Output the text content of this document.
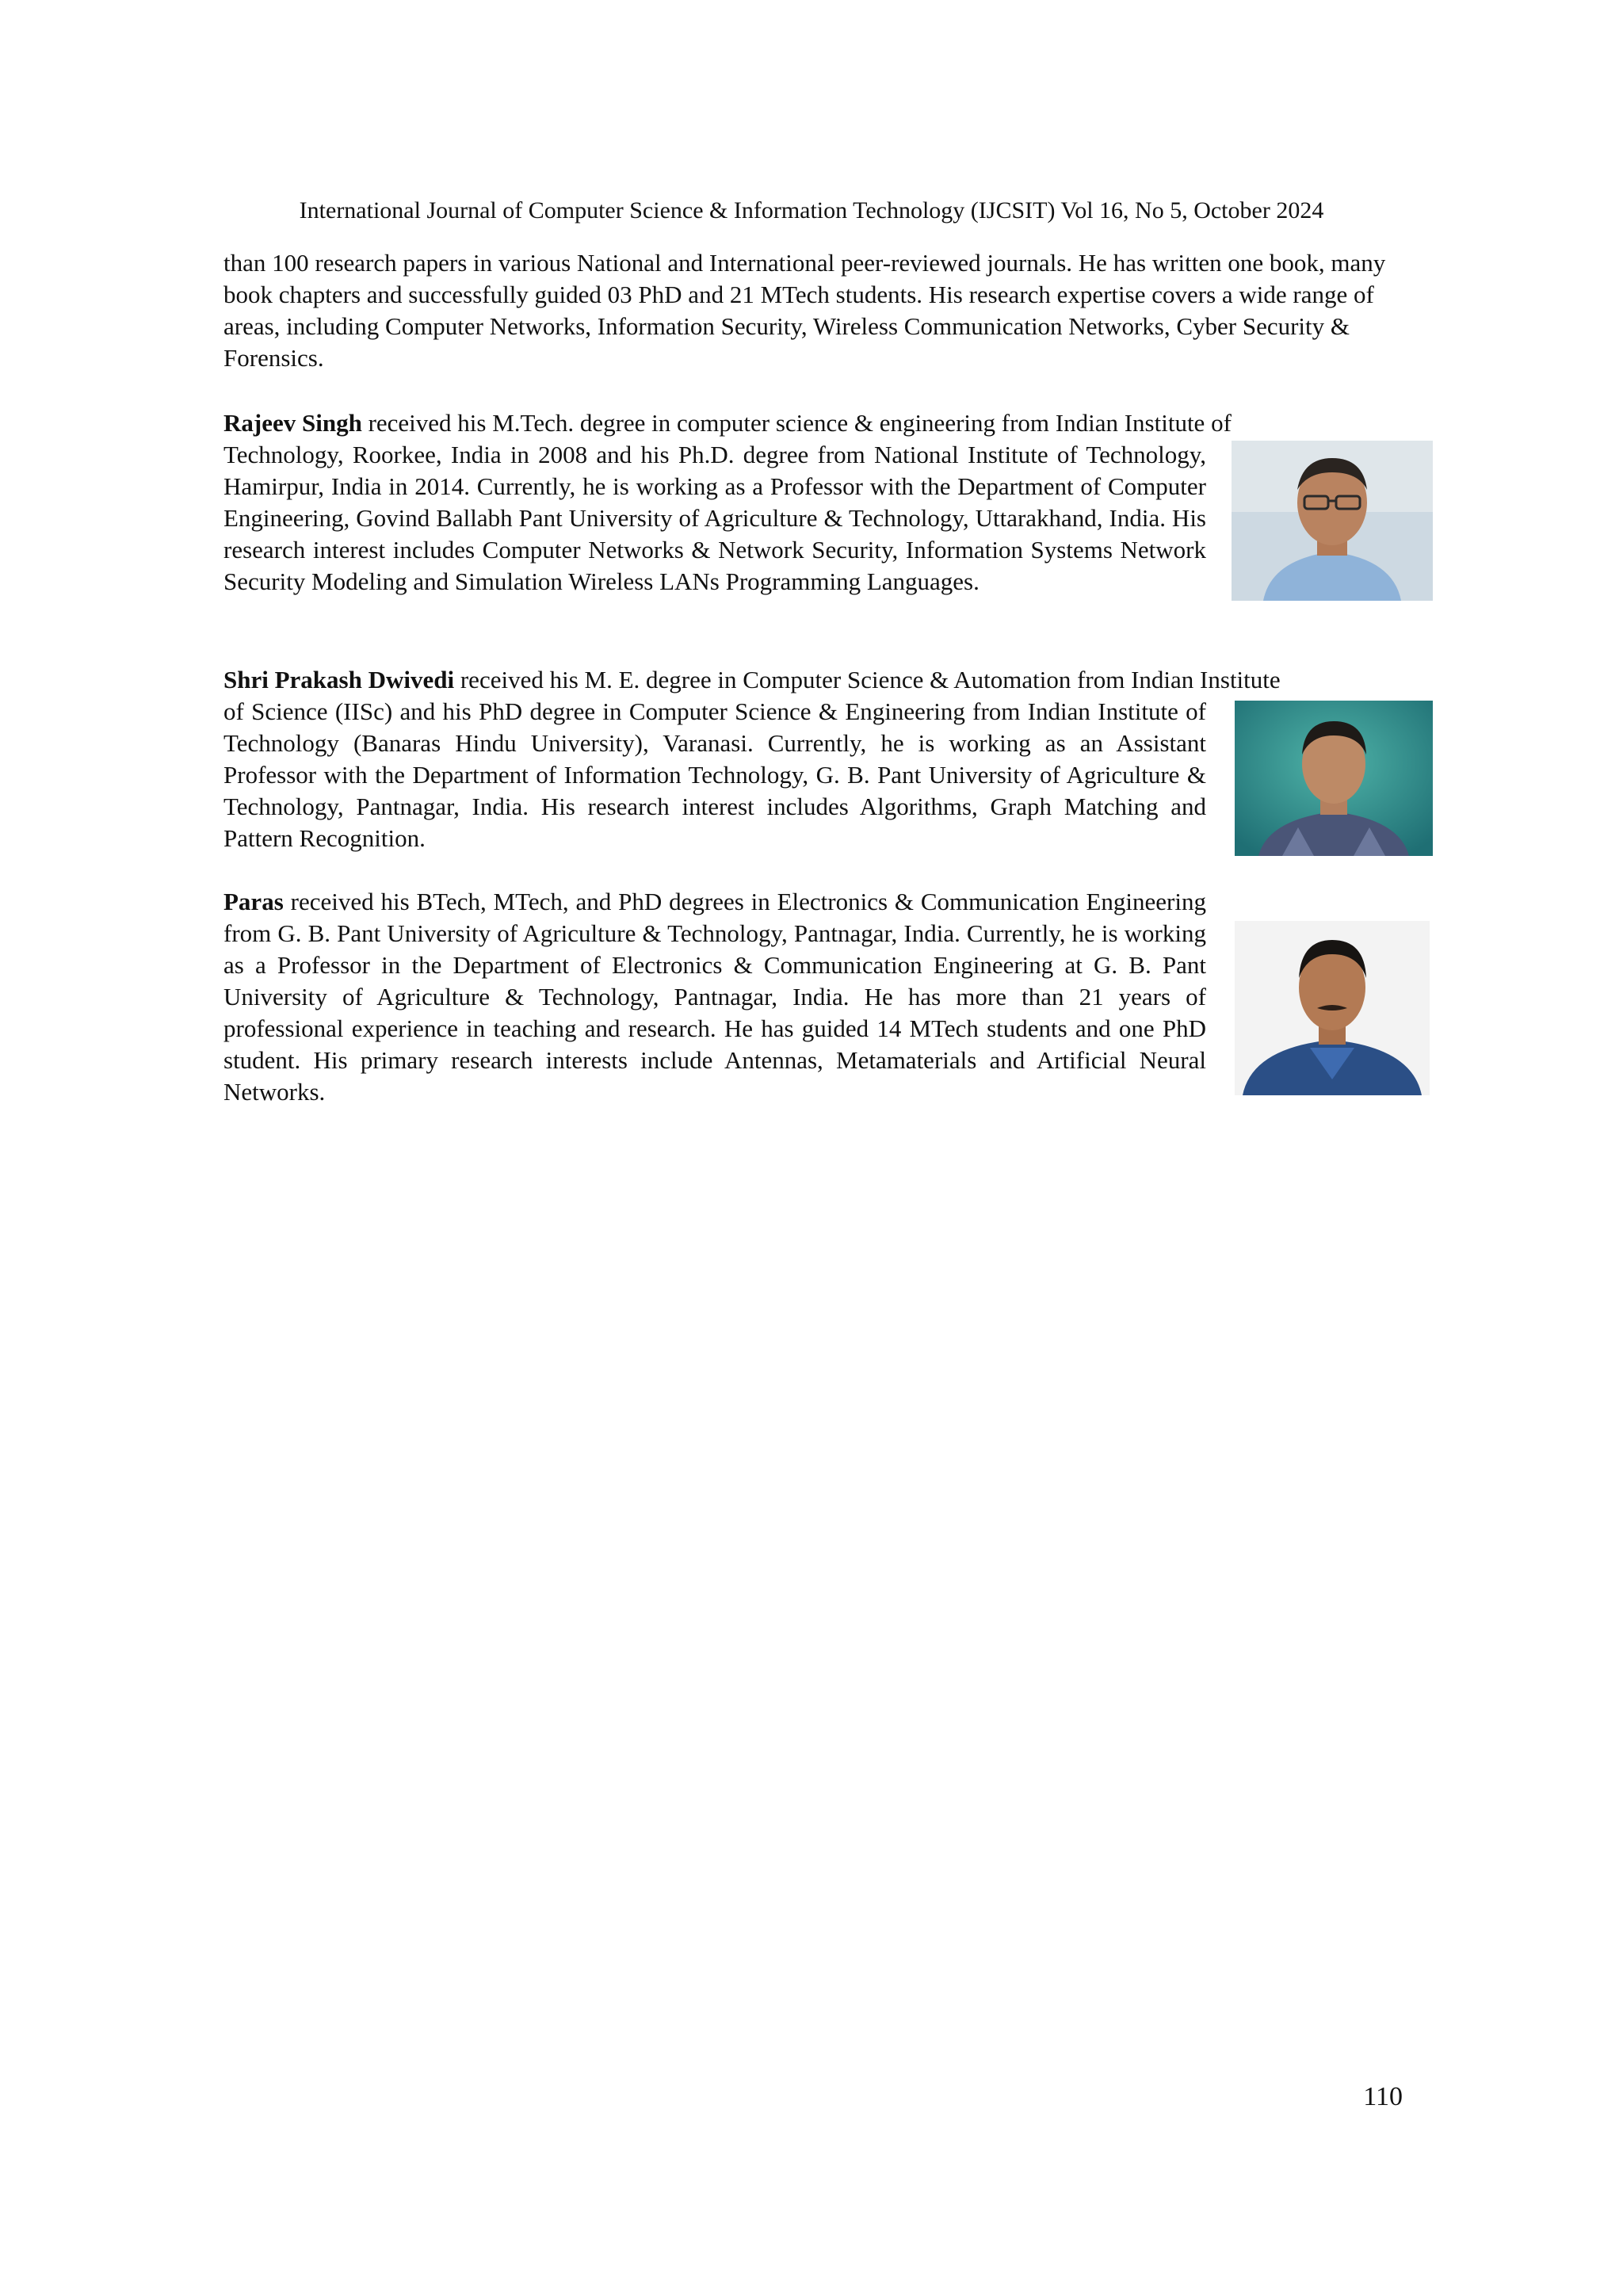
International Journal of Computer Science & Information Technology (IJCSIT) Vol 16, No 5, October 2024
than 100 research papers in various National and International peer-reviewed journals. He has written one book, many book chapters and successfully guided 03 PhD and 21 MTech students. His research expertise covers a wide range of areas, including Computer Networks, Information Security, Wireless Communication Networks, Cyber Security & Forensics.
Rajeev Singh received his M.Tech. degree in computer science & engineering from Indian Institute of
Technology, Roorkee, India in 2008 and his Ph.D. degree from National Institute of Technology, Hamirpur, India in 2014. Currently, he is working as a Professor with the Department of Computer Engineering, Govind Ballabh Pant University of Agriculture & Technology, Uttarakhand, India. His research interest includes Computer Networks & Network Security, Information Systems Network Security Modeling and Simulation Wireless LANs Programming Languages.
Shri Prakash Dwivedi received his M. E. degree in Computer Science & Automation from Indian Institute
of Science (IISc) and his PhD degree in Computer Science & Engineering from Indian Institute of Technology (Banaras Hindu University), Varanasi. Currently, he is working as an Assistant Professor with the Department of Information Technology, G. B. Pant University of Agriculture & Technology, Pantnagar, India. His research interest includes Algorithms, Graph Matching and Pattern Recognition.
Paras received his BTech, MTech, and PhD degrees in Electronics & Communication Engineering from G. B. Pant University of Agriculture & Technology, Pantnagar, India. Currently, he is working as a Professor in the Department of Electronics & Communication Engineering at G. B. Pant University of Agriculture & Technology, Pantnagar, India. He has more than 21 years of professional experience in teaching and research. He has guided 14 MTech students and one PhD student. His primary research interests include Antennas, Metamaterials and Artificial Neural Networks.
110
